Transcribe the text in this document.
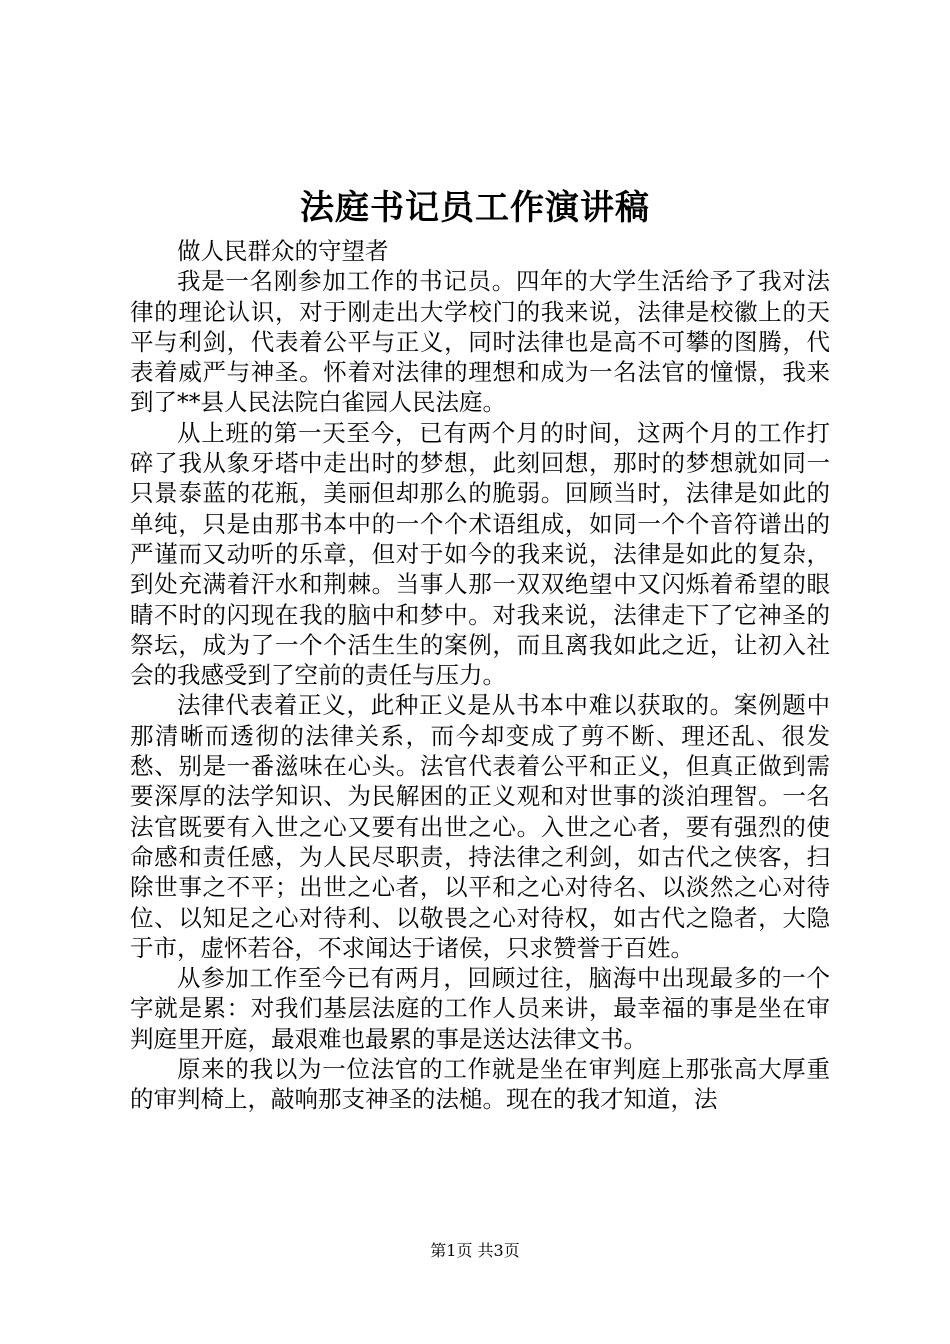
法庭书记员工作演讲稿

做人民群众的守望者

我是一名刚参加工作的书记员。四年的大学生活给予了我对法律的理论认识，对于刚走出大学校门的我来说，法律是校徽上的天平与利剑，代表着公平与正义，同时法律也是高不可攀的图腾，代表着威严与神圣。怀着对法律的理想和成为一名法官的憧憬，我来到了**县人民法院白雀园人民法庭。

从上班的第一天至今，已有两个月的时间，这两个月的工作打碎了我从象牙塔中走出时的梦想，此刻回想，那时的梦想就如同一只景泰蓝的花瓶，美丽但却那么的脆弱。回顾当时，法律是如此的单纯，只是由那书本中的一个个术语组成，如同一个个音符谱出的严谨而又动听的乐章，但对于如今的我来说，法律是如此的复杂，到处充满着汗水和荆棘。当事人那一双双绝望中又闪烁着希望的眼睛不时的闪现在我的脑中和梦中。对我来说，法律走下了它神圣的祭坛，成为了一个个活生生的案例，而且离我如此之近，让初入社会的我感受到了空前的责任与压力。

法律代表着正义，此种正义是从书本中难以获取的。案例题中那清晰而透彻的法律关系，而今却变成了剪不断、理还乱、很发愁、别是一番滋味在心头。法官代表着公平和正义，但真正做到需要深厚的法学知识、为民解困的正义观和对世事的淡泊理智。一名法官既要有入世之心又要有出世之心。入世之心者，要有强烈的使命感和责任感，为人民尽职责，持法律之利剑，如古代之侠客，扫除世事之不平；出世之心者，以平和之心对待名、以淡然之心对待位、以知足之心对待利、以敬畏之心对待权，如古代之隐者，大隐于市，虚怀若谷，不求闻达于诸侯，只求赞誉于百姓。

从参加工作至今已有两月，回顾过往，脑海中出现最多的一个字就是累：对我们基层法庭的工作人员来讲，最幸福的事是坐在审判庭里开庭，最艰难也最累的事是送达法律文书。

原来的我以为一位法官的工作就是坐在审判庭上那张高大厚重的审判椅上，敲响那支神圣的法槌。现在的我才知道，法

第1页 共3页
